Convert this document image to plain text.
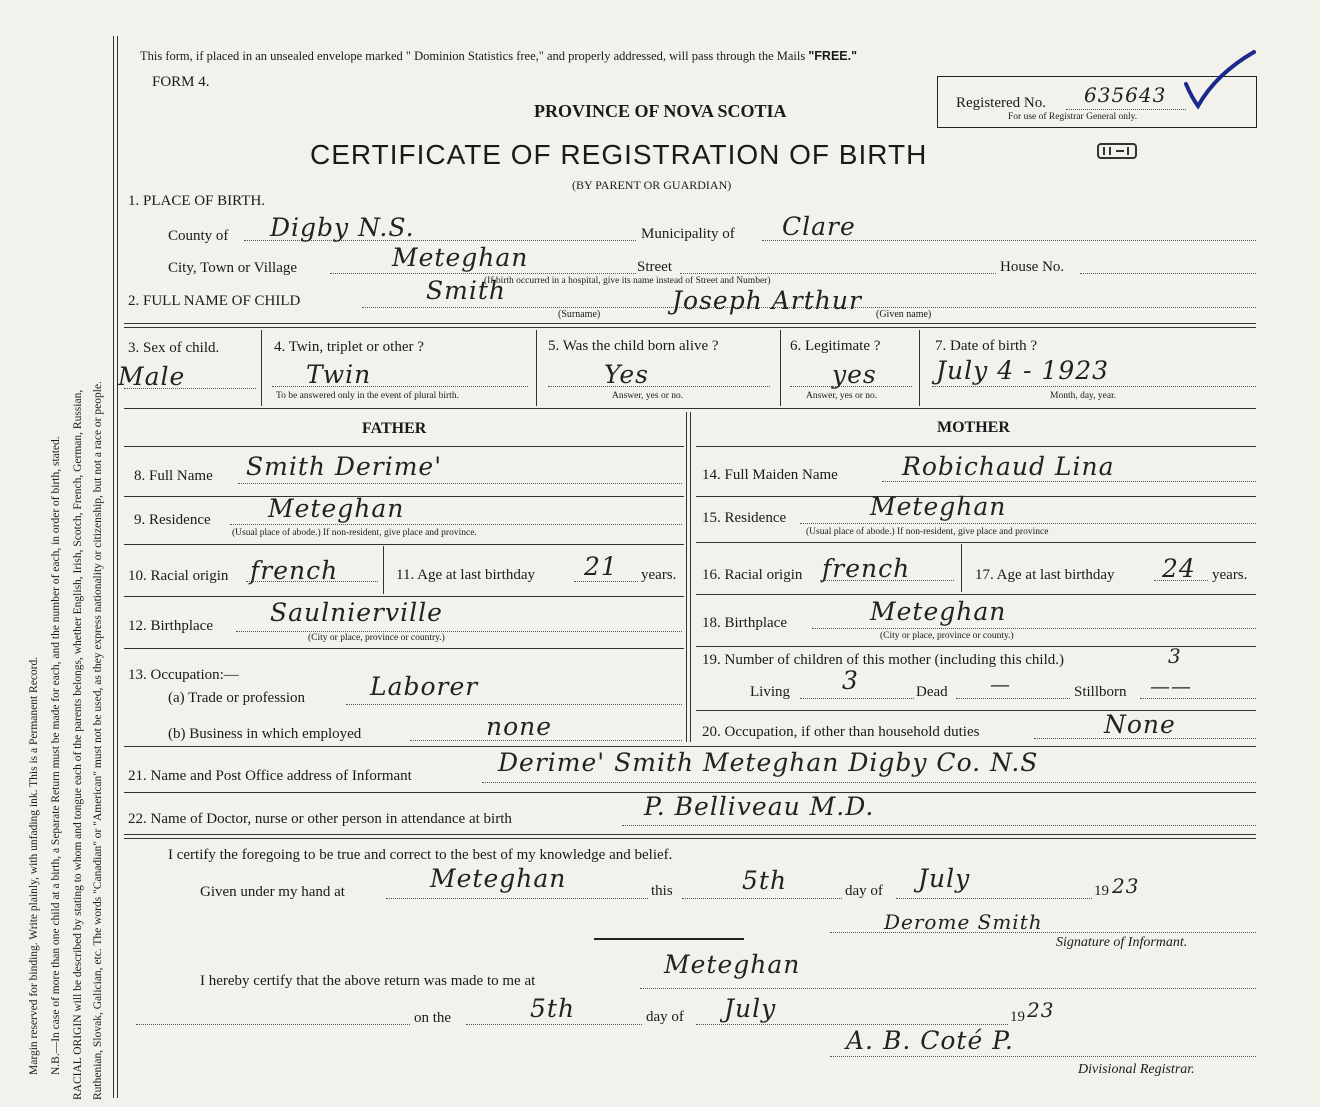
Margin reserved for binding. Write plainly, with unfading ink. This is a Permanent Record. N.B.—In case of more than one child at a birth, a Separate Return must be made for each, and the number of each, in order of birth, stated. RACIAL ORIGIN will be described by stating to whom and tongue each of the parents belongs, whether English, Irish, Scotch, French, German, Russian, Ruthenian, Slovak, Galician, etc. The words "Canadian" or "American" must not be used, as they express nationality or citizenship, but not a race or people.
This form, if placed in an unsealed envelope marked " Dominion Statistics free," and properly addressed, will pass through the Mails "FREE."
FORM 4.
PROVINCE OF NOVA SCOTIA
CERTIFICATE OF REGISTRATION OF BIRTH
(BY PARENT OR GUARDIAN)
Registered No. 635643
For use of Registrar General only.
1. PLACE OF BIRTH.
County of Digby N.S.	Municipality of Clare
City, Town or Village	Meteghan	Street
(If birth occurred in a hospital, give its name instead of Street and Number)
House No.
2. FULL NAME OF CHILD	Smith	Joseph Arthur
(Surname)	(Given name)
3. Sex of child.
Male
4. Twin, triplet or other ?
Twin
To be answered only in the event of plural birth.
5. Was the child born alive ?
Yes
Answer, yes or no.
6. Legitimate ?
yes
Answer, yes or no.
7. Date of birth ?
July 4 - 1923
Month, day, year.
FATHER	MOTHER
8. Full Name Smith Derime'
9. Residence Meteghan
(Usual place of abode.) If non-resident, give place and province.
10. Racial origin french	11. Age at last birthday 21 years.
12. Birthplace Saulnierville
(City or place, province or country.)
13. Occupation:—
(a) Trade or profession	Laborer
(b) Business in which employed	none
14. Full Maiden Name	Robichaud Lina
15. Residence	Meteghan
(Usual place of abode.) If non-resident, give place and province
16. Racial origin french	17. Age at last birthday 24 years.
18. Birthplace	Meteghan
(City or place, province or county.)
19. Number of children of this mother (including this child.)	3
Living 3	Dead —	Stillborn ——
20. Occupation, if other than household duties	None
21. Name and Post Office address of Informant	Derime' Smith Meteghan Digby Co. N.S
22. Name of Doctor, nurse or other person in attendance at birth	P. Belliveau M.D.
I certify the foregoing to be true and correct to the best of my knowledge and belief.
Given under my hand at	Meteghan	this	5th	day of July	19 23
Derome Smith
Signature of Informant.
I hereby certify that the above return was made to me at
Meteghan
on the	5th	day of July	19 23
A. B. Coté P.
Divisional Registrar.
